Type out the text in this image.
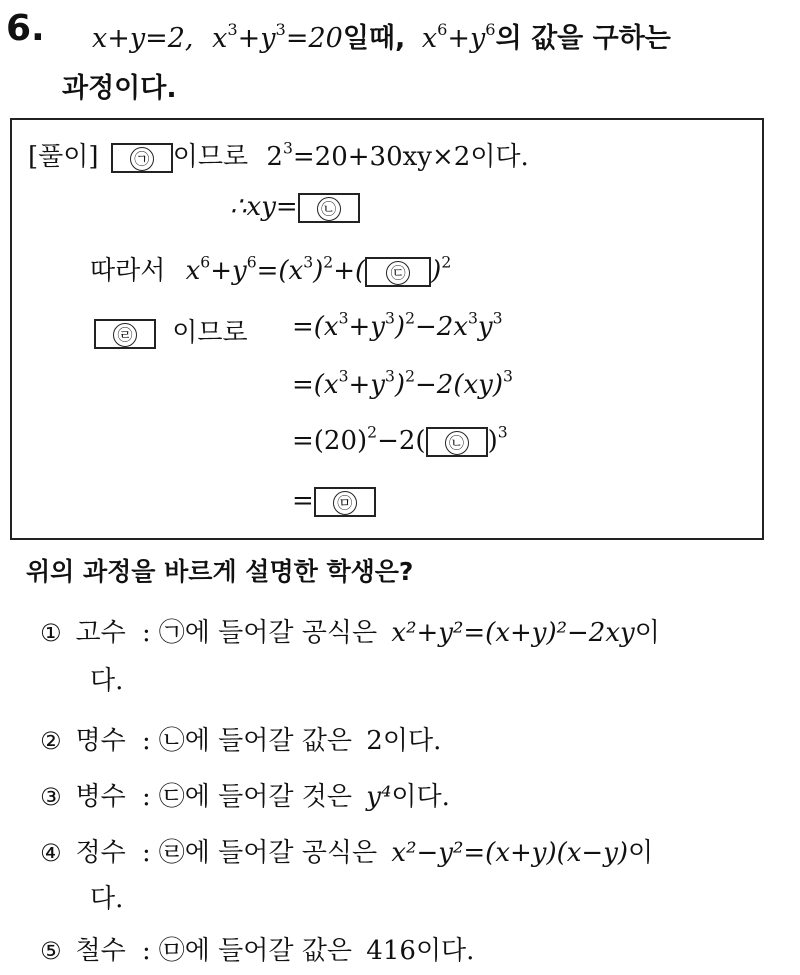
6. x+y=2, $x^3+y^3=20$일때, $x^6+y^6$의 값을 구하는
과정이다.
[풀이] ㉠ 이므로 $2^3=20+30xy\times 2$이다.
∴xy= ㉡
따라서 $x^6+y^6=(x^3)^2+$( ㉢ )$^2$
㉣ 이므로 $=(x^3+y^3)^2-2x^3y^3$
$=(x^3+y^3)^2-2(xy)^3$
$=(20)^2-2$( ㉡ )$^3$
= ㉤
위의 과정을 바르게 설명한 학생은?
① 고수 : ㉠에 들어갈 공식은 x²+y²=(x+y)²−2xy이
다.
② 명수 : ㉡에 들어갈 값은 2이다.
③ 병수 : ㉢에 들어갈 것은 y⁴이다.
④ 정수 : ㉣에 들어갈 공식은 x²−y²=(x+y)(x−y)이
다.
⑤ 철수 : ㉤에 들어갈 값은 416이다.
